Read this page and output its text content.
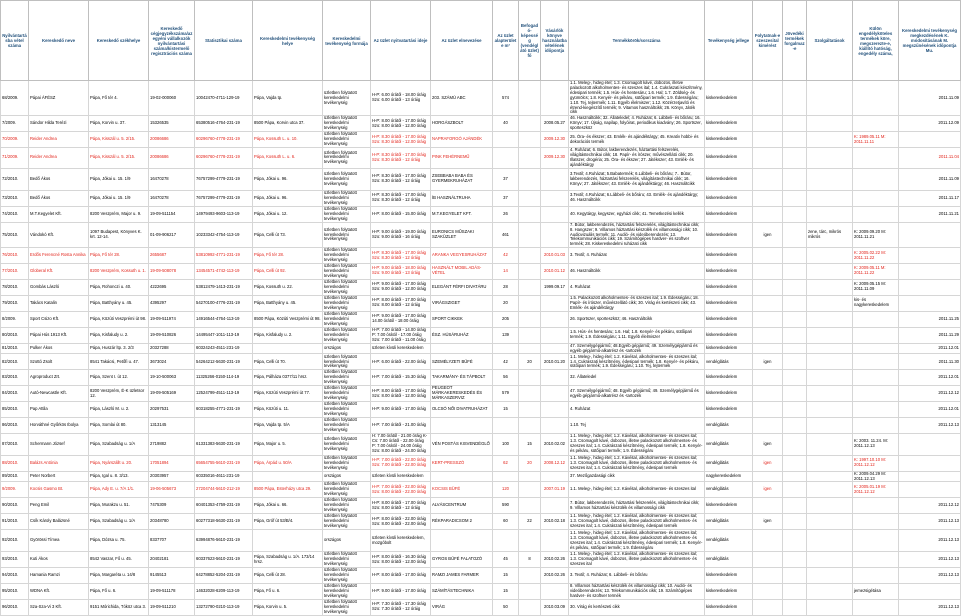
Nyilvántartásba vétel száma	Kereskedő neve	Kereskedő székhelye	Kereskedő cégjegyzékszáma/az egyéni vállalkozók nyilvántartási száma/kistermelő regisztrációs száma	Statisztikai száma	Kereskedelmi tevékenység helye	Kereskedelmi tevékenység formája	Az üzlet nyitvatartási ideje	Az üzlet elnevezése	Az üzlet alapterülete m²	Befogadó-képesség (vendéglátó üzlet) fő	Vásárlók könyve használatba vételének időpontja	Termékkörök/sorszáma	Tevékenység jellege	Folytatnak-e szeszesital kimérést	Jövedéki termékek forgalmaz-e	Szolgáltatások	Külön engedélyköteles termékek köre, megszerezte-e, kiállító hatóság, engedély száma,	Kereskedelmi tevékenység megkezdésének K. módosításának M. megszűnésének időpontja Mu.
68/2009.	Pápai ÁFÉSZ	Pápa, Fő tér 4.	19-02-000060	10042470-4711-129-19	Pápa, Vajda tp.	üzletben folytatott kereskedelmi tevékenység	H-P: 6.00 órától - 18.00 óráig Szo: 6.00 órától - 13 óráig	203. SZÁMÚ ABC	574			1.1. Meleg-, hideg étel; 1.3. Csomagolt kávé, dobozos, illetve palackozott alkoholmentes- és szeszes ital; 1.4. Cukrászati készítmény, édesipari termék; 1.5. Hús- és hentesáru; 1.6. Hal; 1.7. Zöldség- és gyümölcs; 1.8. Kenyér- és pékáru, sütőipari termék; 1.9. Édességáru; 1.10. Tej, tejtermék; 1.11. Egyéb élelmiszer; 1.12. Közérzetjavító és étrend-kiegészítő termék; 9. Vitamos használtcikk; 26. Könyv, Játék cikk	kiskereskedelem					2011.11.09
7/2009.	Sándor Hilda Terézi	Pápa, Korvin u. 37.	15326535	65380516-4764-231-19	8500 Pápa, Korvin utca 37.	üzletben folytatott kereskedelmi tevékenység	H-P: 8.00 órától - 17.00 óráig Szo: 8.00 órától - 12.00 óráig	HORGÁSZBOLT	40		2008.05.27	46. Használtcikk; 32. Állateledel; 4. Ruházat; 6. Lábbeli- és bőráru; 16. Könyv; 17. Újság, napilap, folyóirat, periodikus kiadvány; 26. Sportszer, sporteszköz	kiskereskedelem					2011.12.09
70/2009.	Reider Andrea	Pápa, Kisszál u. 5. 2/15.	20086686	60296760-4778-231-19	Pápa, Kossuth L. u. 10.	üzletben folytatott kereskedelmi tevékenység	H-P: 8.30 órától - 17.00 óráig Szo: 8.30 órától - 12.00 óráig	NAPRAFORGÓ AJÁNDÉK			2009.12.30	25. Óra- és ékszer; 43. Emlék- és ajándéktárgy; 45. Kreatív hobbi- és dekorációs termék	kiskereskedelem				K: 1989.05.11 M: 2011.11.11	
71/2009.	Reider Andrea	Pápa, Kisszál u. 5. 2/15.	20086686	60296760-4778-231-19	Pápa, Kossuth L. u. 6.	üzletben folytatott kereskedelmi tevékenység	H-P: 8.30 órától - 17.00 óráig Szo: 8.30 órától - 12 óráig	PINK FEHÉRNEMŰ			2009.12.30	4. Ruházat; 6. Bútor, lakberendezés, háztartási felszerelés, világítástechnikai cikk; 18. Papír- és írószer, művészellátó cikk; 20. Illatszer, drogéria; 25. Óra- és ékszer; 27. Játékszer; 43. Emlék- és ajándéktárgy	kiskereskedelem					2011.11.04
72/2010.	Bedő Ákos	Pápa, Jókai u. 15. 1/9	16470278	76757299-4779-231-19	Pápa, Jókai u. 96.	üzletben folytatott kereskedelmi tevékenység	H-P: 8.30 órától - 17.00 óráig Szo: 8.30 órától - 12 óráig	ZSEBBABA BABA ÉS GYERMEKRUHÁZAT	37			3.Textil; 4.Ruházat; 5.Babatermék; 6.Lábbeli- és bőráru; 7.. Bútor, lakberendezés, háztartási felszerelés, világítástechnikai cikk; 16. Könyv; 27. Játékszer; 43. Emlék- és ajándéktárgy; 46. Használtcikk	kiskereskedelem					2011.11.09
73/2010.	Bedő Ákos	Pápa, Jókai u. 15. 1/9	16470278	76757299-4779-231-19	Pápa, Jókai u. 96.	üzletben folytatott kereskedelmi tevékenység	H-P: 8.30 órától - 17.00 óráig Szo: 8.30 órától - 12 óráig	ÍB HASZNÁLTRUHA	37			3.Textil; 4.Ruházat; 6.Lábbeli- és bőráru; 43. Emlék- és ajándéktárgy; 46. Használtcikk	kiskereskedelem					2011.11.17
74/2010.	M.T.Kegyelet Kft.	8200 Veszprém, Major u. 9.	19-09-511154	14979493-9603-113-19	Pápa, Jókai u. 12.	üzletben folytatott kereskedelmi tevékenység	H-P: 8.00 órától - 15.00 óráig	M.T.KEGYELET KFT.	26			40. Kegytárgy, kegyszer, egyházi cikk; 41. Temetkezési kellék	kiskereskedelem					2011.11.21
75/2010.	Vándokó Kft.	1097 Budapest, Könyves K. krt. 12-14.	01-09-906217	10233342-4754-113-19	Pápa, Celli út 73.	üzletben folytatott kereskedelmi tevékenység	H-P: 9.00 órától - 19.00 óráig Szo: 9.00 órától - 16 óráig	EURONICS MŰSZAKI SZAKÜZLET	461			7. Bútor, lakberendezés, háztartási felszerelés, világítástechnikai cikk; 8. Hangszer; 9. Villamos háztartási készülék és villamossági cikk; 10. Audiovizuális termék; 11. Audió- és videóberendezés; 13. Telekommunikációs cikk; 19. Számítógépes hardver- és szoftver termék; 28. Kiskereskedelmi ruházati cikk	kiskereskedelem	igen		zene, tárc, mikrós mikrós	K: 2009.09.20 M: 2011.11.21	
76/2010.	Erdős Ferencné Rosta Annika	Pápa, Fő tér 28.	2655687	53810992-4771-231-19	Pápa, Fő tér 28.	üzletben folytatott kereskedelmi tevékenység	H-P: 8.30 órától - 17.00 óráig Szo: 8.30 órától - 12 óráig	ARANKA VEGYESRUHÁZAT	42		2010.01.03	3. Textil; 4. Ruházat	kiskereskedelem				K: 2005.02.22 M: 2011.11.22	
77/2010.	Globeral Kft.	8200 Veszprém, Kossuth u. 1.	19-09-508078	13454571-4742-113-19	Pápa, Celli út 92.	üzletben folytatott kereskedelmi tevékenység	H-P: 9.00 órától - 18.00 óráig Szo: 9.00 órától - 13 óráig	HASZNÁLT MOBIL ADÁS-VÉTEL	14		2010.01.12	46. Használtcikk	kiskereskedelem				K: 2009.05.11 M: 2011.11.22	
78/2010.	Gombás László	Pápa, Rohonczi u. 40.	4222695	53812479-1413-231-19	Pápa, Kossuth u. 22.	üzletben folytatott kereskedelmi tevékenység	H-P: 9.00 órától - 17.00 óráig Szo: 9.00 órától - 12.00 óráig	ELEGÁNT FÉRFI DIVATÁRU	28		1999.09.17	4. Ruházat	kiskereskedelem				K: 2009.05.15 M: 2011.11.09	
79/2010.	Takács Katalin	Pápa, Batthyány u. 45.	4395297	54270100-4776-231-19	Pápa, Batthyány u. 45.	üzletben folytatott kereskedelmi tevékenység	H-P: 8.00 órától - 17.00 óráig Szo: 8.00 órától - 12 óráig	VIRÁGSZIGET	20			1.5. Palackozott alkoholmentes- és szeszes ital; 1.9. Édességáru; 18. Papír- és írószer, művészellátó cikk; 30. Virág és kertészeti cikk; 43. Emlék- és ajándéktárgy	kiskereskedelem				kis- és nagykereskedelem	
8/2009.	Sport Csizo Kft.	Pápa, Közúti Veszprémi út 98.	19-09-511974	14916544-4764-113-19	8500 Pápa, Közúti Veszprémi út 98.	üzletben folytatott kereskedelmi tevékenység	H-P: 9.00 órától - 17.00 óráig 14.00 órától - 18.00 óráig	SPORT CIKKEK	205			26. Sportszer, sporteszköz; 46. Használtcikk	kiskereskedelem					2011.11.25
80/2010.	Pápai Hús 1913 Kft.	Pápa, Kisfaludy u. 2.	19-09-510826	14495447-1011-113-19	Pápa, Kisfaludy u. 2.	üzletben folytatott kereskedelmi tevékenység	H-P: 7.00 órától - 14.00 óráig P: 7.00 órától - 17.00 óráig Szo: 7.00 órától - 11.00 óráig	ÉSZ. HÚSÁRUHÁZ	139			1.5. Hús- és hentesáru; 1.6. Hal; 1.8. Kenyér- és pékáru, sütőipari termék; 1.9. Édességáru; 1.11. Egyéb élelmiszer	kiskereskedelem					2011.11.29
81/2010.	Pulker Ákos	Pápa, Huszár ltp. 3. 2/3	20327288	60324243-4511-231-19		országos	üzleten kívüli kereskedelem					47. Személygépjármű; 48.Egyéb gépjármű; 49. Személygépjármű és egyéb gépjármű-alkatrész és -tartozék	kiskereskedelem					2011.12.01
82/2010.	Szottó Zsolt	8541 Takácsi, Petőfi u. 47.	3673024	54264212-5630-231-19	Pápa, Celli út 70.	üzletben folytatott kereskedelmi tevékenység	H-P: 6.00 órától - 22.00 óráig	SZEMÉLYZETI BÜFÉ	42	20	2010.01.20	1.1. Meleg-, hideg étel; 1.2. Kávéital, alkoholmentes- és szeszes ital; 1.4. Cukrászati készítmény, édesipari termék; 1.8. Kenyér- és pékáru, sütőipari termék; 1.9. Édességáru; 1.10. Tej, tejtermék	vendéglátás	igen				2011.11.30
83/2010.	Agroproduct Zrt.	Pápa, Szent I. út 12.	19-10-500063	11325266-0150-114-19	Pápa, Pálháza 0377/11 hrsz.	üzletben folytatott kereskedelmi tevékenység	H-P: 7.00 órától - 15.30 óráig	TAKARMÁNY- ÉS TÁPBOLT	56			32. Állateledel	kiskereskedelem					2011.12.01
84/2010.	Autó-Newcastle Kft.	8200 Veszprém, É-K üzletsor 12.	19-09-505169	12524799-4511-113-19	Pápa, Közúti Veszprémi út 77.	üzletben folytatott kereskedelmi tevékenység	H-P: 8.00 órától - 17.00 óráig Szo: 8.00 órától - 12.00 óráig	PEUGEOT MÁRKAKERESKEDÉS ÉS MÁRKASZERVIZ	579			47. Személygépjármű; 48. Egyéb gépjármű; 49. Személygépjármű és egyéb gépjármű-alkatrész és -tartozék	kiskereskedelem					2011.12.12
85/2010.	Pap Attila	Pápa, László M. u. 2.	20297531	60318255-4771-231-19	Pápa, Közúti u. 11.	üzletben folytatott kereskedelmi tevékenység	H-P: 9.00 órától - 17.00 óráig	OLCSÓ NŐI DIVATRUHÁZAT	15			4. Ruházat	kiskereskedelem					2011.12.01
86/2010.	Horváthné Győrkös Ibolya	Pápa, Somlai út 80.	1313145		Pápa, Vajda tp. 5/A	üzletben folytatott kereskedelmi tevékenység	H-P: 7.00 órától - 21.00 óráig					1.10. Tej	vendéglátás					2011.12.13
87/2010.	Schermann József	Pápa, Szabadság u. 1/A	2719882	61331383-5630-231-19	Pápa, Major u. 5.	üzletben folytatott kereskedelmi tevékenység	H: 7.00 órától - 21.00 óráig K-Cs: 7.00 órától - 22.00 óráig P: 7.00 órától - 24.00 óráig Szo: 8.00 órától - 24.00 óráig	VÉN POSTÁS KISVENDÉGLŐ	100	15	2010.02.02	1.1. Meleg-, hideg étel; 1.2. Kávéital, alkoholmentes- és szeszes ital; 1.3. Csomagolt kávé, dobozos, illetve palackozott alkoholmentes- és szeszes ital; 1.4. Cukrászati készítmény, édesipari termék; 1.8. Kenyér- és pékáru, sütőipari termék; 1.9. Édességáru	vendéglátás	igen			K: 2003. 11.24. M: 2011.12.13	
88/2010.	Balázs Antónia	Pápa, Nyárszállt u. 20.	17051894	65654755-5610-231-19	Pápa, Árpád u. 50/A	üzletben folytatott kereskedelmi tevékenység	H-P: 7.00 órától - 22.00 óráig Szo: 7.00 órától - 22.00 óráig	KERT-PRESSZÓ	62	20	2008.12.12	1.1. Meleg-, hideg étel; 1.2. Kávéital, alkoholmentes- és szeszes ital; 1.3. Csomagolt kávé, dobozos, illetve palackozott alkoholmentes- és szeszes ital; 1.4. Cukrászati készítmény, édesipari termék	vendéglátás	igen			K: 1997.10.10 M: 2011.12.12	
89/2010.	Peter Norbert	Pápa, Igal u. 8. 3/13.	20303957	60335016-4611-231-19		országos	üzleten kívüli kereskedelem					37. Mezőgazdasági cikk	nagykereskedelem				K: 2009.04.29 M: 2011.12.13	
9/2009.	Kocsis Gasmo Bt.	Pápa, Ady E. u. 7/A 1/1.	19-06-505673	27204744-5610-212-19	8500 Pápa, Esterházy utca 29.	üzletben folytatott kereskedelmi tevékenység	H-P: 7.00 órától - 22.00 óráig Szo: 8.00 órától - 22.00 óráig	KOCSIS BÜFÉ	120		2007.01.19	1.1. Meleg-, hideg étel; 1.2. Kávéital, alkoholmentes- és szeszes ital	vendéglátás	igen			K: 2005.01.19 M: 2011.12.12	
90/2010.	Peng Emil	Pápa, Murakzu u. 51.	7475309	60401353-4759-231-19	Pápa, Jókai u. 66.	üzletben folytatott kereskedelmi tevékenység	H-P: 8.00 órától - 17.00 óráig Szo: 8.00 órától - 12 óráig	ALVÁSCENTRUM	590			7. Bútor, lakberendezés, háztartási felszerelés, világítástechnikai cikk; 9. Villamos háztartási készülék és villamossági cikk	kiskereskedelem					2011.12.12
91/2010.	Csík Károly Balázsné	Pápa, Szabadság u. 1/A	20348780	60277318-5630-231-19	Pápa, Gróf út 53/B/4.	üzletben folytatott kereskedelmi tevékenység	H-P: 8.00 órától - 22.00 óráig Szo: 8.00 órától - 22.00 óráig	RÉKPARADICSOM 2	60	22	2010.02.18	1.1. Meleg-, hideg étel; 1.2. Kávéital, alkoholmentes- és szeszes ital; 1.3. Csomagolt kávé, dobozos, illetve palackozott alkoholmentes- és szeszes ital; 1.4. Cukrászati készítmény, édesipari termék	vendéglátás	igen				2011.12.13
92/2010.	Györössi Tímea	Pápa, Dózsa u. 75.	8337707	63994876-5610-231-19		országos	üzleten kívüli kereskedelem, mozgóbolt					1.1. Meleg-, hideg étel; 1.2. Kávéital, alkoholmentes- és szeszes ital; 1.3. Csomagolt kávé, dobozos, illetve palackozott alkoholmentes- és szeszes ital; 1.4. Cukrászati készítmény, édesipari termék; 1.8. Kenyér- és pékáru, sütőipari termék; 1.9. Édességáru	vendéglátás					2011.12.13
93/2010.	Kuti Ákos	8542 Vaszar, Fő u. 45.	20402181	60337623-5610-231-19	Pápa, Szabadság u. 1/A. 173/14 hrsz.	üzletben folytatott kereskedelmi tevékenység	H-P: 8.00 órától - 16.30 óráig Szo: 8.00 órától - 12.00 óráig	GYROS BÜFÉ FALATOZÓ	45	8	2010.02.26	1.1. Meleg-, hideg étel; 1.2. Kávéital, alkoholmentes- és szeszes ital; 1.3. Csomagolt kávé, dobozos, illetve palackozott alkoholmentes- és szeszes ital	vendéglátás					2011.12.13
94/2010.	Hamania Ramzi	Pápa, Margaréta u. 14/8	9145513	64278852-5204-231-19	Pápa, Celli út 28.	üzletben folytatott kereskedelmi tevékenység	H-P: 8.00 órától - 17.00 óráig	RAMZI JAMES FARMER	15		2010.02.26	3. Textil; 4. Ruházat; 6. Lábbeli- és bőráru	kiskereskedelem					2011.12.13
95/2010.	WDNA Kft.	Pápa, Fő u. 6.	19-09-511178	14632028-6209-113-19	Pápa, Fő u. 6.	üzletben folytatott kereskedelmi tevékenység	H-P: 9.00 órától - 17.00 óráig	SZÁMÍTÁSTECHNIKA	15			8. Villamos háztartási készülék és villamossági cikk; 10. Audió- és videóberendezés; 13. Telekommunikációs cikk; 19. Számítógépes hardver- és szoftver termék	kiskereskedelem				jemezsigétása	
96/2010.	Sza-Sza-Vi 3 Kft.	9151 Mórichida, Tóköz utca 3.	19-09-511210	13272790-0210-113-19	Pápa, Korvin u. 5.	üzletben folytatott kereskedelmi tevékenység	H-P: 7.30 órától - 17.30 óráig Szo: 7.30 órától - 12 óráig	VIRÁG	50		2010.03.09	30. Virág és kertészeti cikk	kiskereskedelem					2011.12.13
